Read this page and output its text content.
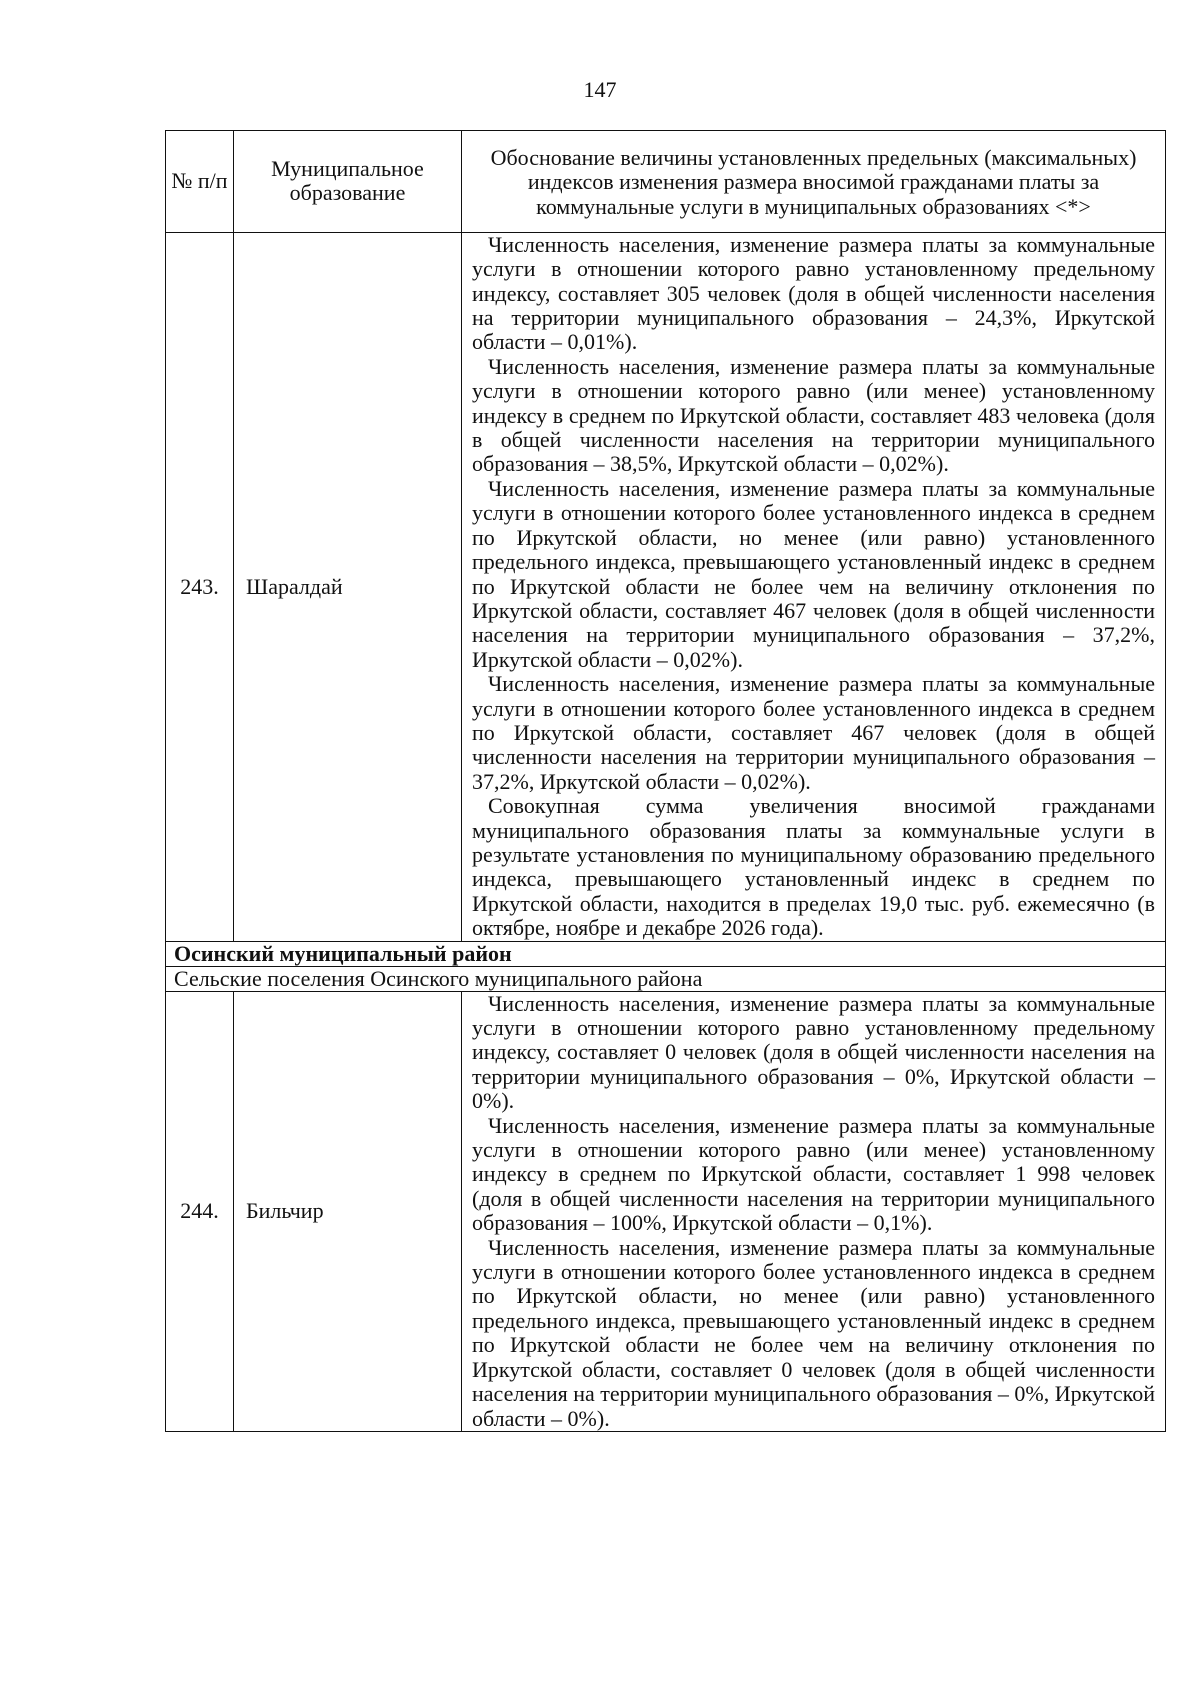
147
№ п/п	Муниципальное образование	Обоснование величины установленных предельных (максимальных) индексов изменения размера вносимой гражданами платы за коммунальные услуги в муниципальных образованиях <*>
243.	Шаралдай	Численность населения, изменение размера платы за коммунальные услуги в отношении которого равно установленному предельному индексу, составляет 305 человек (доля в общей численности населения на территории муниципального образования – 24,3%, Иркутской области – 0,01%).

Численность населения, изменение размера платы за коммунальные услуги в отношении которого равно (или менее) установленному индексу в среднем по Иркутской области, составляет 483 человека (доля в общей численности населения на территории муниципального образования – 38,5%, Иркутской области – 0,02%).

Численность населения, изменение размера платы за коммунальные услуги в отношении которого более установленного индекса в среднем по Иркутской области, но менее (или равно) установленного предельного индекса, превышающего установленный индекс в среднем по Иркутской области не более чем на величину отклонения по Иркутской области, составляет 467 человек (доля в общей численности населения на территории муниципального образования – 37,2%, Иркутской области – 0,02%).

Численность населения, изменение размера платы за коммунальные услуги в отношении которого более установленного индекса в среднем по Иркутской области, составляет 467 человек (доля в общей численности населения на территории муниципального образования – 37,2%, Иркутской области – 0,02%).

Совокупная сумма увеличения вносимой гражданами муниципального образования платы за коммунальные услуги в результате установления по муниципальному образованию предельного индекса, превышающего установленный индекс в среднем по Иркутской области, находится в пределах 19,0 тыс. руб. ежемесячно (в октябре, ноябре и декабре 2026 года).

Осинский муниципальный район		
Сельские поселения Осинского муниципального района		
244.	Бильчир	Численность населения, изменение размера платы за коммунальные услуги в отношении которого равно установленному предельному индексу, составляет 0 человек (доля в общей численности населения на территории муниципального образования – 0%, Иркутской области – 0%).

Численность населения, изменение размера платы за коммунальные услуги в отношении которого равно (или менее) установленному индексу в среднем по Иркутской области, составляет 1 998 человек (доля в общей численности населения на территории муниципального образования – 100%, Иркутской области – 0,1%).

Численность населения, изменение размера платы за коммунальные услуги в отношении которого более установленного индекса в среднем по Иркутской области, но менее (или равно) установленного предельного индекса, превышающего установленный индекс в среднем по Иркутской области не более чем на величину отклонения по Иркутской области, составляет 0 человек (доля в общей численности населения на территории муниципального образования – 0%, Иркутской области – 0%).
